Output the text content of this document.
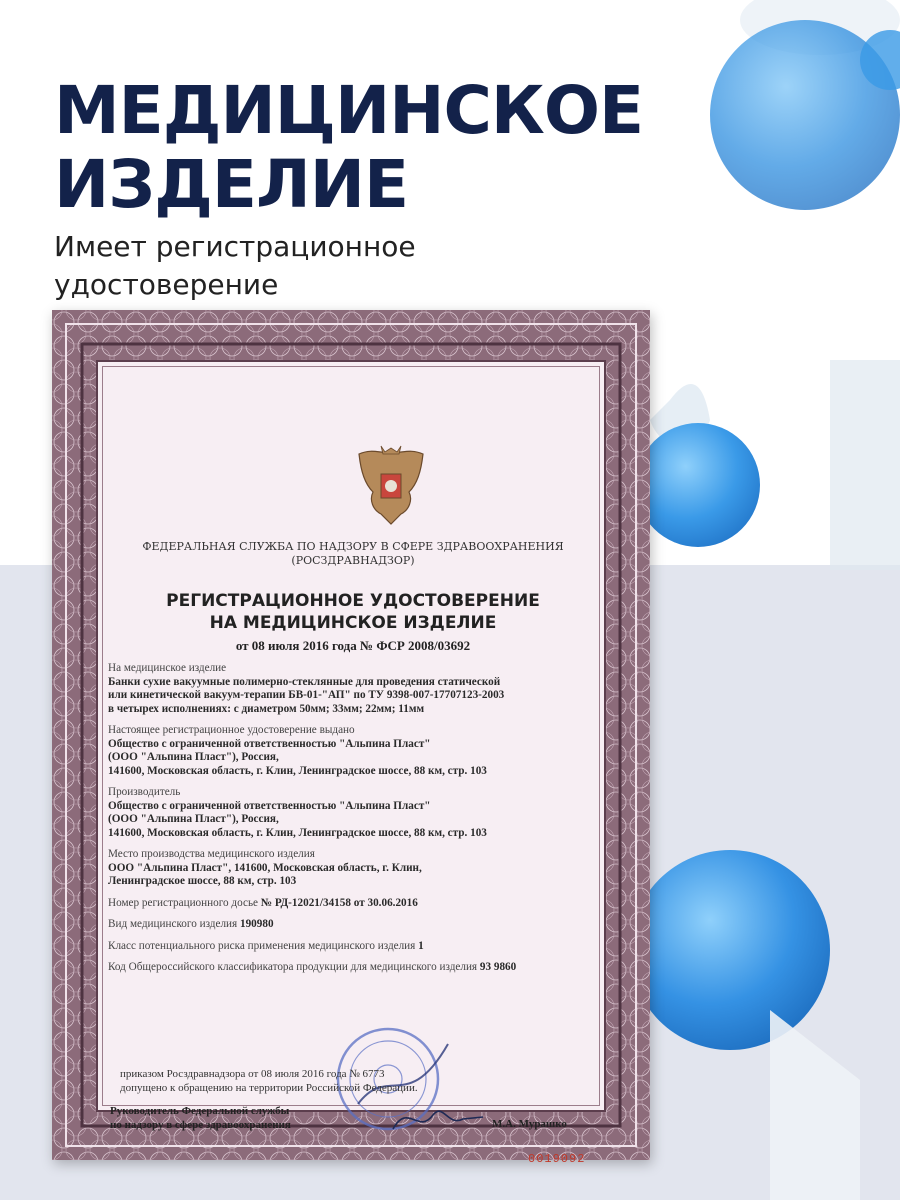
МЕДИЦИНСКОЕ
ИЗДЕЛИЕ

Имеет регистрационное
удостоверение

ФЕДЕРАЛЬНАЯ СЛУЖБА ПО НАДЗОРУ В СФЕРЕ ЗДРАВООХРАНЕНИЯ
(РОСЗДРАВНАДЗОР)
РЕГИСТРАЦИОННОЕ УДОСТОВЕРЕНИЕ
НА МЕДИЦИНСКОЕ ИЗДЕЛИЕ
от 08 июля 2016 года № ФСР 2008/03692
На медицинское изделие
Банки сухие вакуумные полимерно-стеклянные для проведения статической
или кинетической вакуум-терапии БВ-01-"АП" по ТУ 9398-007-17707123-2003
в четырех исполнениях: с диаметром 50мм; 33мм; 22мм; 11мм
Настоящее регистрационное удостоверение выдано
Общество с ограниченной ответственностью "Альпина Пласт"
(ООО "Альпина Пласт"), Россия,
141600, Московская область, г. Клин, Ленинградское шоссе, 88 км, стр. 103
Производитель
Общество с ограниченной ответственностью "Альпина Пласт"
(ООО "Альпина Пласт"), Россия,
141600, Московская область, г. Клин, Ленинградское шоссе, 88 км, стр. 103
Место производства медицинского изделия
ООО "Альпина Пласт", 141600, Московская область, г. Клин,
Ленинградское шоссе, 88 км, стр. 103
Номер регистрационного досье № РД-12021/34158 от 30.06.2016
Вид медицинского изделия 190980
Класс потенциального риска применения медицинского изделия 1
Код Общероссийского классификатора продукции для медицинского изделия 93 9860
приказом Росздравнадзора от 08 июля 2016 года № 6773
допущено к обращению на территории Российской Федерации.
Руководитель Федеральной службы
по надзору в сфере здравоохранения	М.А. Мурашко
0019092
